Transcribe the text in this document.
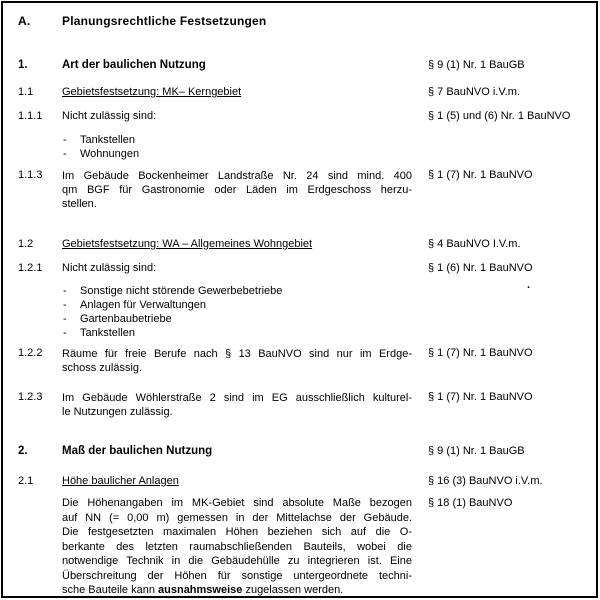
A.	Planungsrechtliche Festsetzungen
1.	Art der baulichen Nutzung	§ 9 (1) Nr. 1 BauGB
1.1	Gebietsfestsetzung: MK– Kerngebiet	§ 7 BauNVO i.V.m.
1.1.1 Nicht zulässig sind:	§ 1 (5) und (6) Nr. 1 BauNVO
-	Tankstellen
-	Wohnungen
1.1.3 Im Gebäude Bockenheimer Landstraße Nr. 24 sind mind. 400
qm BGF für Gastronomie oder Läden im Erdgeschoss herzu-
stellen.
§ 1 (7) Nr. 1 BauNVO
1.2	Gebietsfestsetzung: WA – Allgemeines Wohngebiet	§ 4 BauNVO I.V.m.
1.2.1 Nicht zulässig sind:	§ 1 (6) Nr. 1 BauNVO
-	Sonstige nicht störende Gewerbebetriebe
-	Anlagen für Verwaltungen
-	Gartenbaubetriebe
-	Tankstellen
.
1.2.2 Räume für freie Berufe nach § 13 BauNVO sind nur im Erdge-
schoss zulässig.
§ 1 (7) Nr. 1 BauNVO
1.2.3 Im Gebäude Wöhlerstraße 2 sind im EG ausschließlich kulturel-
le Nutzungen zulässig.
§ 1 (7) Nr. 1 BauNVO
2.	Maß der baulichen Nutzung	§ 9 (1) Nr. 1 BauGB
2.1	Höhe baulicher Anlagen	§ 16 (3) BauNVO i.V.m.
§ 18 (1) BauNVO
Die Höhenangaben im MK-Gebiet sind absolute Maße bezogen
auf NN (= 0,00 m) gemessen in der Mittelachse der Gebäude.
Die festgesetzten maximalen Höhen beziehen sich auf die O-
berkante des letzten raumabschließenden Bauteils, wobei die
notwendige Technik in die Gebäudehülle zu integrieren ist. Eine
Überschreitung der Höhen für sonstige untergeordnete techni-
sche Bauteile kann ausnahmsweise zugelassen werden.
